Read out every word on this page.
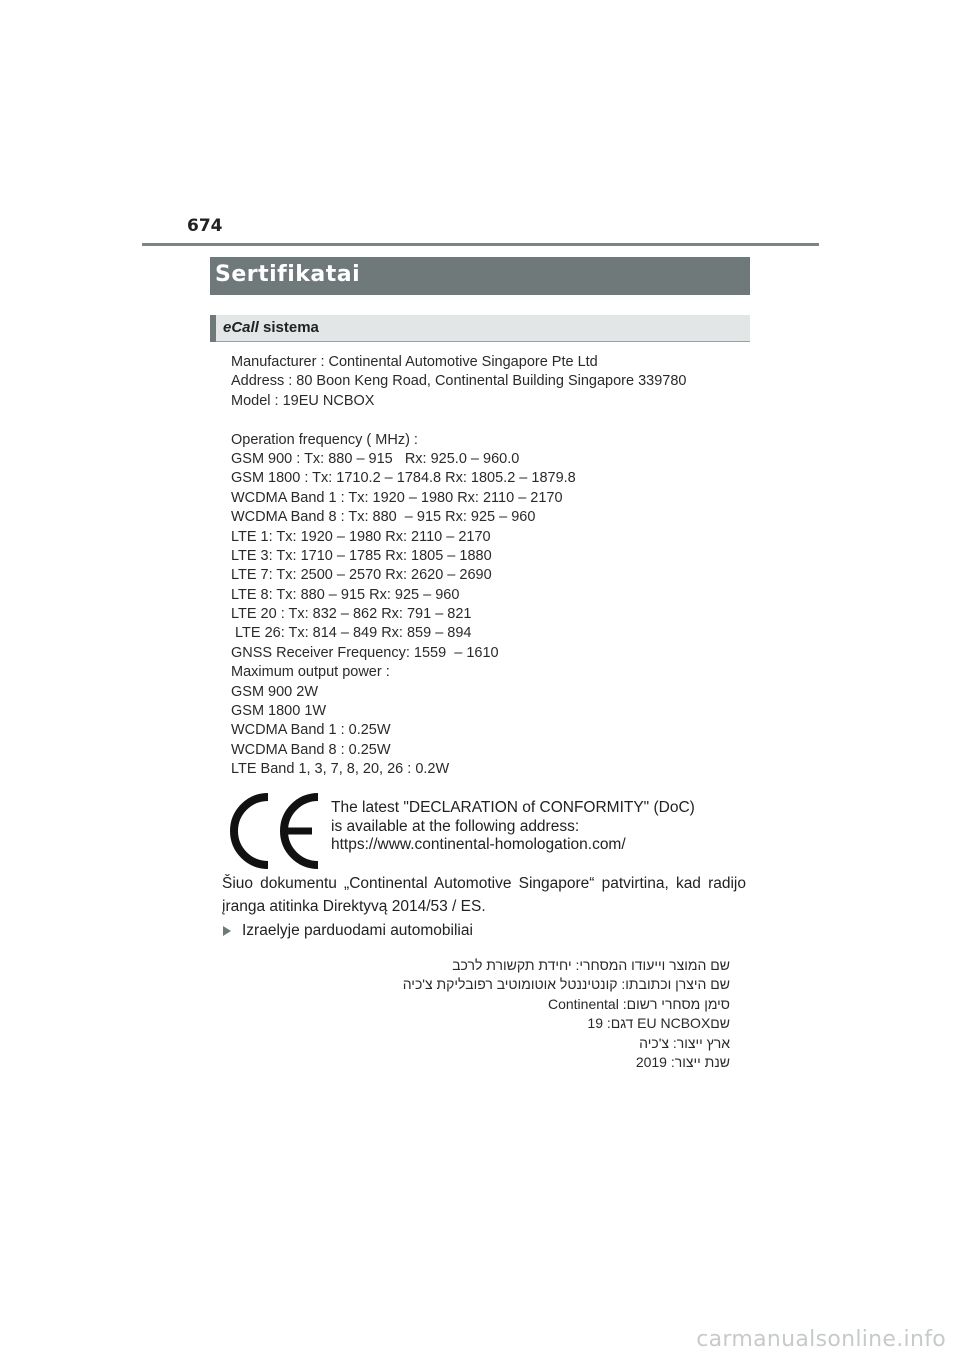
674
Sertifikatai
eCall sistema
Manufacturer : Continental Automotive Singapore Pte Ltd
Address : 80 Boon Keng Road, Continental Building Singapore 339780
Model : 19EU NCBOX
Operation frequency ( MHz) :
GSM 900 : Tx: 880 – 915   Rx: 925.0 – 960.0
GSM 1800 : Tx: 1710.2 – 1784.8 Rx: 1805.2 – 1879.8
WCDMA Band 1 : Tx: 1920 – 1980 Rx: 2110 – 2170
WCDMA Band 8 : Tx: 880  – 915 Rx: 925 – 960
LTE 1: Tx: 1920 – 1980 Rx: 2110 – 2170
LTE 3: Tx: 1710 – 1785 Rx: 1805 – 1880
LTE 7: Tx: 2500 – 2570 Rx: 2620 – 2690
LTE 8: Tx: 880 – 915 Rx: 925 – 960
LTE 20 : Tx: 832 – 862 Rx: 791 – 821
LTE 26: Tx: 814 – 849 Rx: 859 – 894
GNSS Receiver Frequency: 1559  – 1610
Maximum output power :
GSM 900 2W
GSM 1800 1W
WCDMA Band 1 : 0.25W
WCDMA Band 8 : 0.25W
LTE Band 1, 3, 7, 8, 20, 26 : 0.2W
The latest "DECLARATION of CONFORMITY" (DoC)
is available at the following address:
https://www.continental-homologation.com/
Šiuo dokumentu „Continental Automotive Singapore“ patvirtina, kad radijo įranga atitinka Direktyvą 2014/53 / ES.
Izraelyje parduodami automobiliai
שם המוצר וייעודו המסחרי: יחידת תקשורת לרכב
שם היצרן וכתובתו: קונטיננטל אוטומוטיב רפובליקת צ'כיה
סימן מסחרי רשום: Continental
שםEU NCBOX דגם: 19
ארץ ייצור: צ'כיה
שנת ייצור: 2019
carmanualsonline.info
